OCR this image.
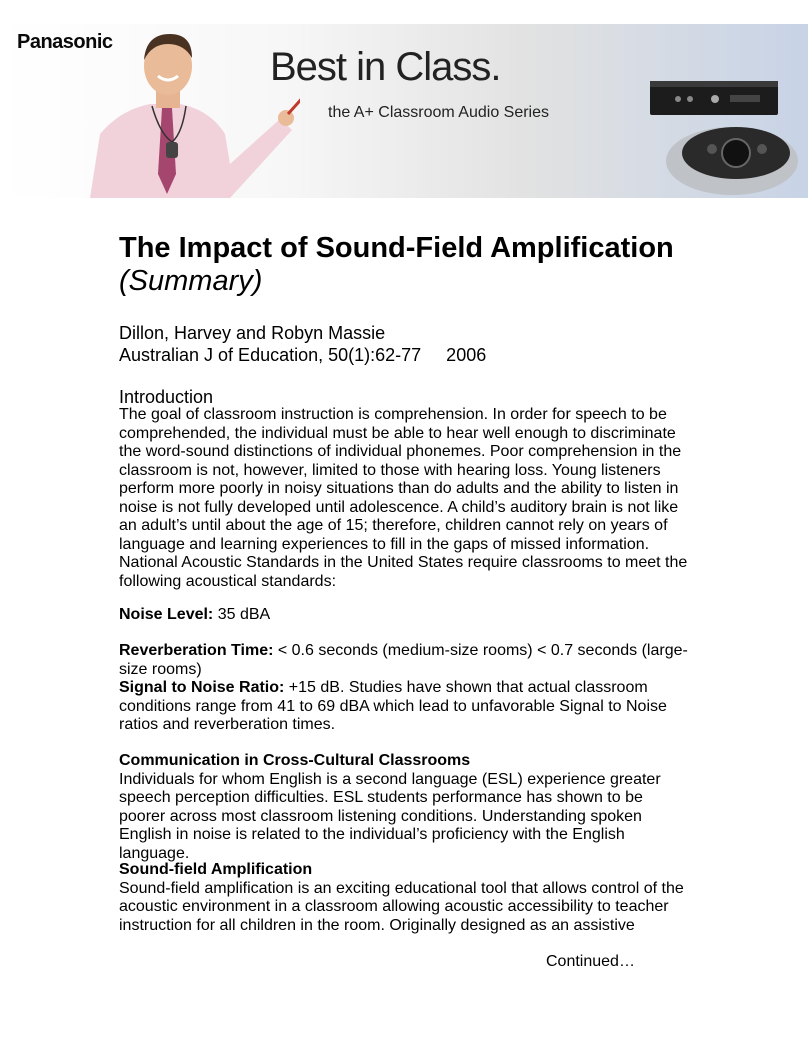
Panasonic
Best in Class.
the A+ Classroom Audio Series
The Impact of Sound-Field Amplification
(Summary)
Dillon, Harvey and Robyn Massie
Australian J of Education, 50(1):62-77     2006
Introduction

The goal of classroom instruction is comprehension. In order for speech to be comprehended, the individual must be able to hear well enough to discriminate the word-sound distinctions of individual phonemes. Poor comprehension in the classroom is not, however, limited to those with hearing loss. Young listeners perform more poorly in noisy situations than do adults and the ability to listen in noise is not fully developed until adolescence. A child’s auditory brain is not like an adult’s until about the age of 15; therefore, children cannot rely on years of language and learning experiences to fill in the gaps of missed information. National Acoustic Standards in the United States require classrooms to meet the following acoustical standards:

Noise Level: 35 dBA

Reverberation Time: < 0.6 seconds (medium-size rooms) < 0.7 seconds (large-size rooms)

Signal to Noise Ratio: +15 dB. Studies have shown that actual classroom conditions range from 41 to 69 dBA which lead to unfavorable Signal to Noise ratios and reverberation times.

Communication in Cross-Cultural Classrooms

Individuals for whom English is a second language (ESL) experience greater speech perception difficulties. ESL students performance has shown to be poorer across most classroom listening conditions. Understanding spoken English in noise is related to the individual’s proficiency with the English language.

Sound-field Amplification

Sound-field amplification is an exciting educational tool that allows control of the acoustic environment in a classroom allowing acoustic accessibility to teacher instruction for all children in the room. Originally designed as an assistive

Continued…
